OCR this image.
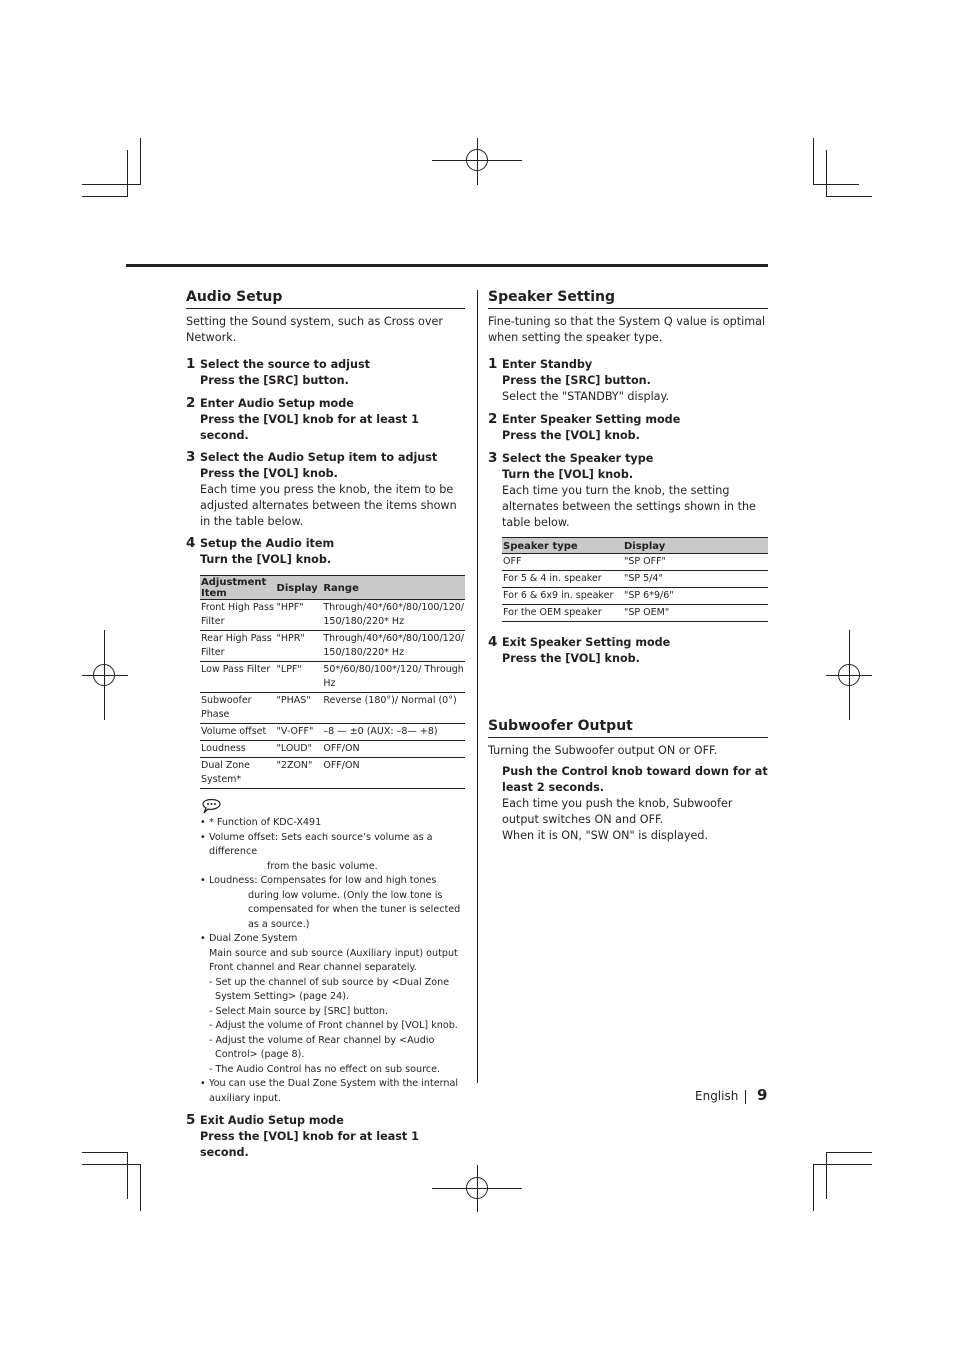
Audio Setup

Setting the Sound system, such as Cross over Network.

1 Select the source to adjust
Press the [SRC] button.
2 Enter Audio Setup mode
Press the [VOL] knob for at least 1 second.
3 Select the Audio Setup item to adjust
Press the [VOL] knob.
Each time you press the knob, the item to be adjusted alternates between the items shown in the table below.
4 Setup the Audio item
Turn the [VOL] knob.
Adjustment Item	Display	Range
Front High Pass Filter	"HPF"	Through/40*/60*/80/100/120/ 150/180/220* Hz
Rear High Pass Filter	"HPR"	Through/40*/60*/80/100/120/ 150/180/220* Hz
Low Pass Filter	"LPF"	50*/60/80/100*/120/ Through Hz
Subwoofer Phase	"PHAS"	Reverse (180°)/ Normal (0°)
Volume offset	"V-OFF"	–8 — ±0 (AUX: –8— +8)
Loudness	"LOUD"	OFF/ON
Dual Zone System*	"2ZON"	OFF/ON
• * Function of KDC-X491
• Volume offset: Sets each source’s volume as a difference
from the basic volume.
• Loudness: Compensates for low and high tones
during low volume. (Only the low tone is compensated for when the tuner is selected as a source.)
• Dual Zone System
Main source and sub source (Auxiliary input) output Front channel and Rear channel separately.
- Set up the channel of sub source by <Dual Zone System Setting> (page 24).
- Select Main source by [SRC] button.
- Adjust the volume of Front channel by [VOL] knob.
- Adjust the volume of Rear channel by <Audio Control> (page 8).
- The Audio Control has no effect on sub source.
• You can use the Dual Zone System with the internal auxiliary input.
5 Exit Audio Setup mode
Press the [VOL] knob for at least 1 second.
Speaker Setting

Fine-tuning so that the System Q value is optimal when setting the speaker type.

1 Enter Standby
Press the [SRC] button.
Select the "STANDBY" display.
2 Enter Speaker Setting mode
Press the [VOL] knob.
3 Select the Speaker type
Turn the [VOL] knob.
Each time you turn the knob, the setting alternates between the settings shown in the table below.
Speaker type	Display
OFF	"SP OFF"
For 5 & 4 in. speaker	"SP 5/4"
For 6 & 6x9 in. speaker	"SP 6*9/6"
For the OEM speaker	"SP OEM"
4 Exit Speaker Setting mode
Press the [VOL] knob.
Subwoofer Output

Turning the Subwoofer output ON or OFF.

Push the Control knob toward down for at least 2 seconds.
Each time you push the knob, Subwoofer output switches ON and OFF.
When it is ON, "SW ON" is displayed.
English 9
